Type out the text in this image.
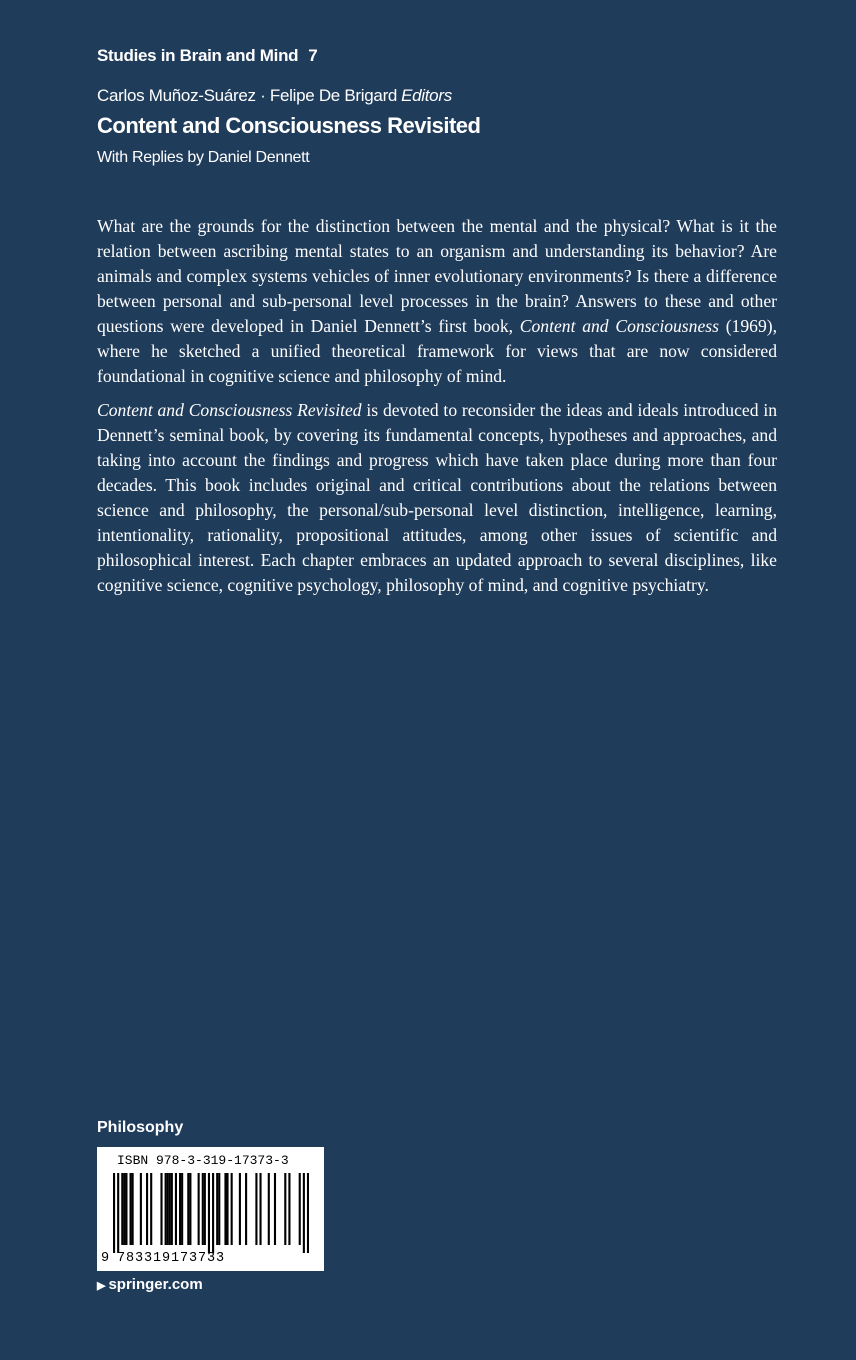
Studies in Brain and Mind 7
Carlos Muñoz-Suárez · Felipe De Brigard Editors
Content and Consciousness Revisited
With Replies by Daniel Dennett

What are the grounds for the distinction between the mental and the physical? What is it the relation between ascribing mental states to an organism and understanding its behavior? Are animals and complex systems vehicles of inner evolutionary environments? Is there a difference between personal and sub-personal level processes in the brain? Answers to these and other questions were developed in Daniel Dennett’s first book, Content and Consciousness (1969), where he sketched a unified theoretical framework for views that are now considered foundational in cognitive science and philosophy of mind.

Content and Consciousness Revisited is devoted to reconsider the ideas and ideals introduced in Dennett’s seminal book, by covering its fundamental concepts, hypotheses and approaches, and taking into account the findings and progress which have taken place during more than four decades. This book includes original and critical contributions about the relations between science and philosophy, the personal/sub-personal level distinction, intelligence, learning, intentionality, rationality, propositional attitudes, among other issues of scientific and philosophical interest. Each chapter embraces an updated approach to several disciplines, like cognitive science, cognitive psychology, philosophy of mind, and cognitive psychiatry.

Philosophy
ISBN 978-3-319-17373-3
9 783319173733
▶ springer.com
